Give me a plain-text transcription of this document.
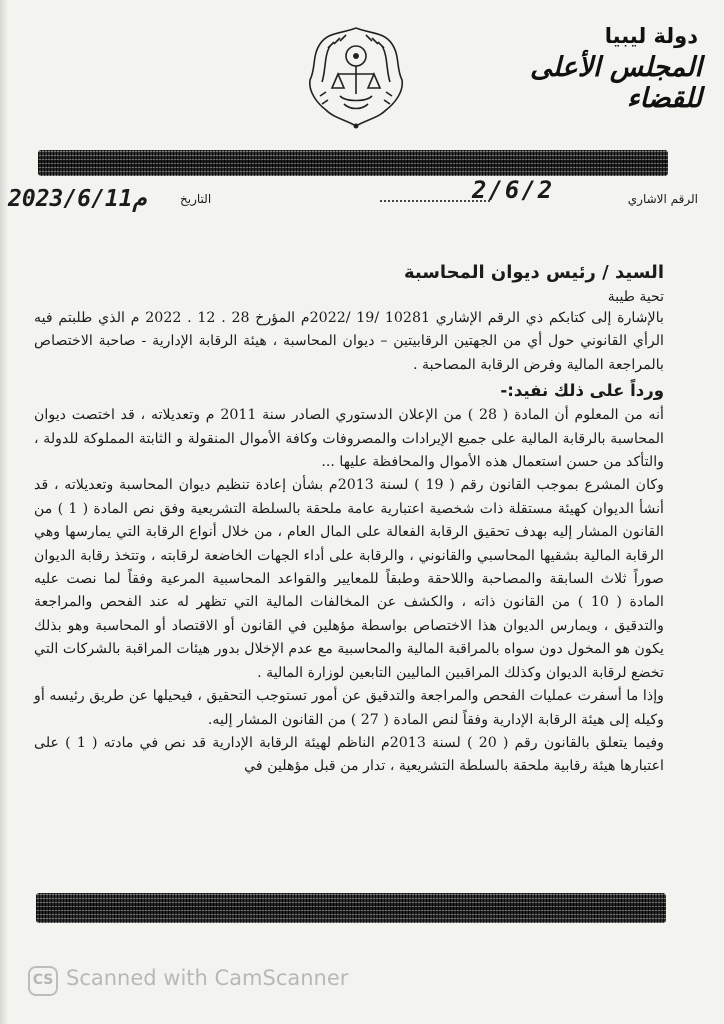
دولة ليبيا
المجلس الأعلى للقضاء
الرقم الاشاري
2/6/2
التاريخ
2023/6/11م

السيد / رئيس ديوان المحاسبة

تحية طيبة

بالإشارة إلى كتابكم ذي الرقم الإشاري 10281 /19 /2022م المؤرخ 28 . 12 . 2022 م الذي طلبتم فيه الرأي القانوني حول أي من الجهتين الرقابيتين – ديوان المحاسبة ، هيئة الرقابة الإدارية - صاحبة الاختصاص بالمراجعة المالية وفرض الرقابة المصاحبة .

ورداً على ذلك نفيد:-

أنه من المعلوم أن المادة ( 28 ) من الإعلان الدستوري الصادر سنة 2011 م وتعديلاته ، قد اختصت ديوان المحاسبة بالرقابة المالية على جميع الإيرادات والمصروفات وكافة الأموال المنقولة و الثابتة المملوكة للدولة ، والتأكد من حسن استعمال هذه الأموال والمحافظة عليها ...

وكان المشرع بموجب القانون رقم ( 19 ) لسنة 2013م بشأن إعادة تنظيم ديوان المحاسبة وتعديلاته ، قد أنشأ الديوان كهيئة مستقلة ذات شخصية اعتبارية عامة ملحقة بالسلطة التشريعية وفق نص المادة ( 1 ) من القانون المشار إليه بهدف تحقيق الرقابة الفعالة على المال العام ، من خلال أنواع الرقابة التي يمارسها وهي الرقابة المالية بشقيها المحاسبي والقانوني ، والرقابة على أداء الجهات الخاضعة لرقابته ، وتتخذ رقابة الديوان صوراً ثلاث السابقة والمصاحبة واللاحقة وطبقاً للمعايير والقواعد المحاسبية المرعية وفقاً لما نصت عليه المادة ( 10 ) من القانون ذاته ، والكشف عن المخالفات المالية التي تظهر له عند الفحص والمراجعة والتدقيق ، ويمارس الديوان هذا الاختصاص بواسطة مؤهلين في القانون أو الاقتصاد أو المحاسبة وهو بذلك يكون هو المخول دون سواه بالمراقبة المالية والمحاسبية مع عدم الإخلال بدور هيئات المراقبة بالشركات التي تخضع لرقابة الديوان وكذلك المراقبين الماليين التابعين لوزارة المالية .

وإذا ما أسفرت عمليات الفحص والمراجعة والتدقيق عن أمور تستوجب التحقيق ، فيحيلها عن طريق رئيسه أو وكيله إلى هيئة الرقابة الإدارية وفقاً لنص المادة ( 27 ) من القانون المشار إليه.

وفيما يتعلق بالقانون رقم ( 20 ) لسنة 2013م الناظم لهيئة الرقابة الإدارية قد نص في مادته ( 1 ) على اعتبارها هيئة رقابية ملحقة بالسلطة التشريعية ، تدار من قبل مؤهلين في

CS Scanned with CamScanner
